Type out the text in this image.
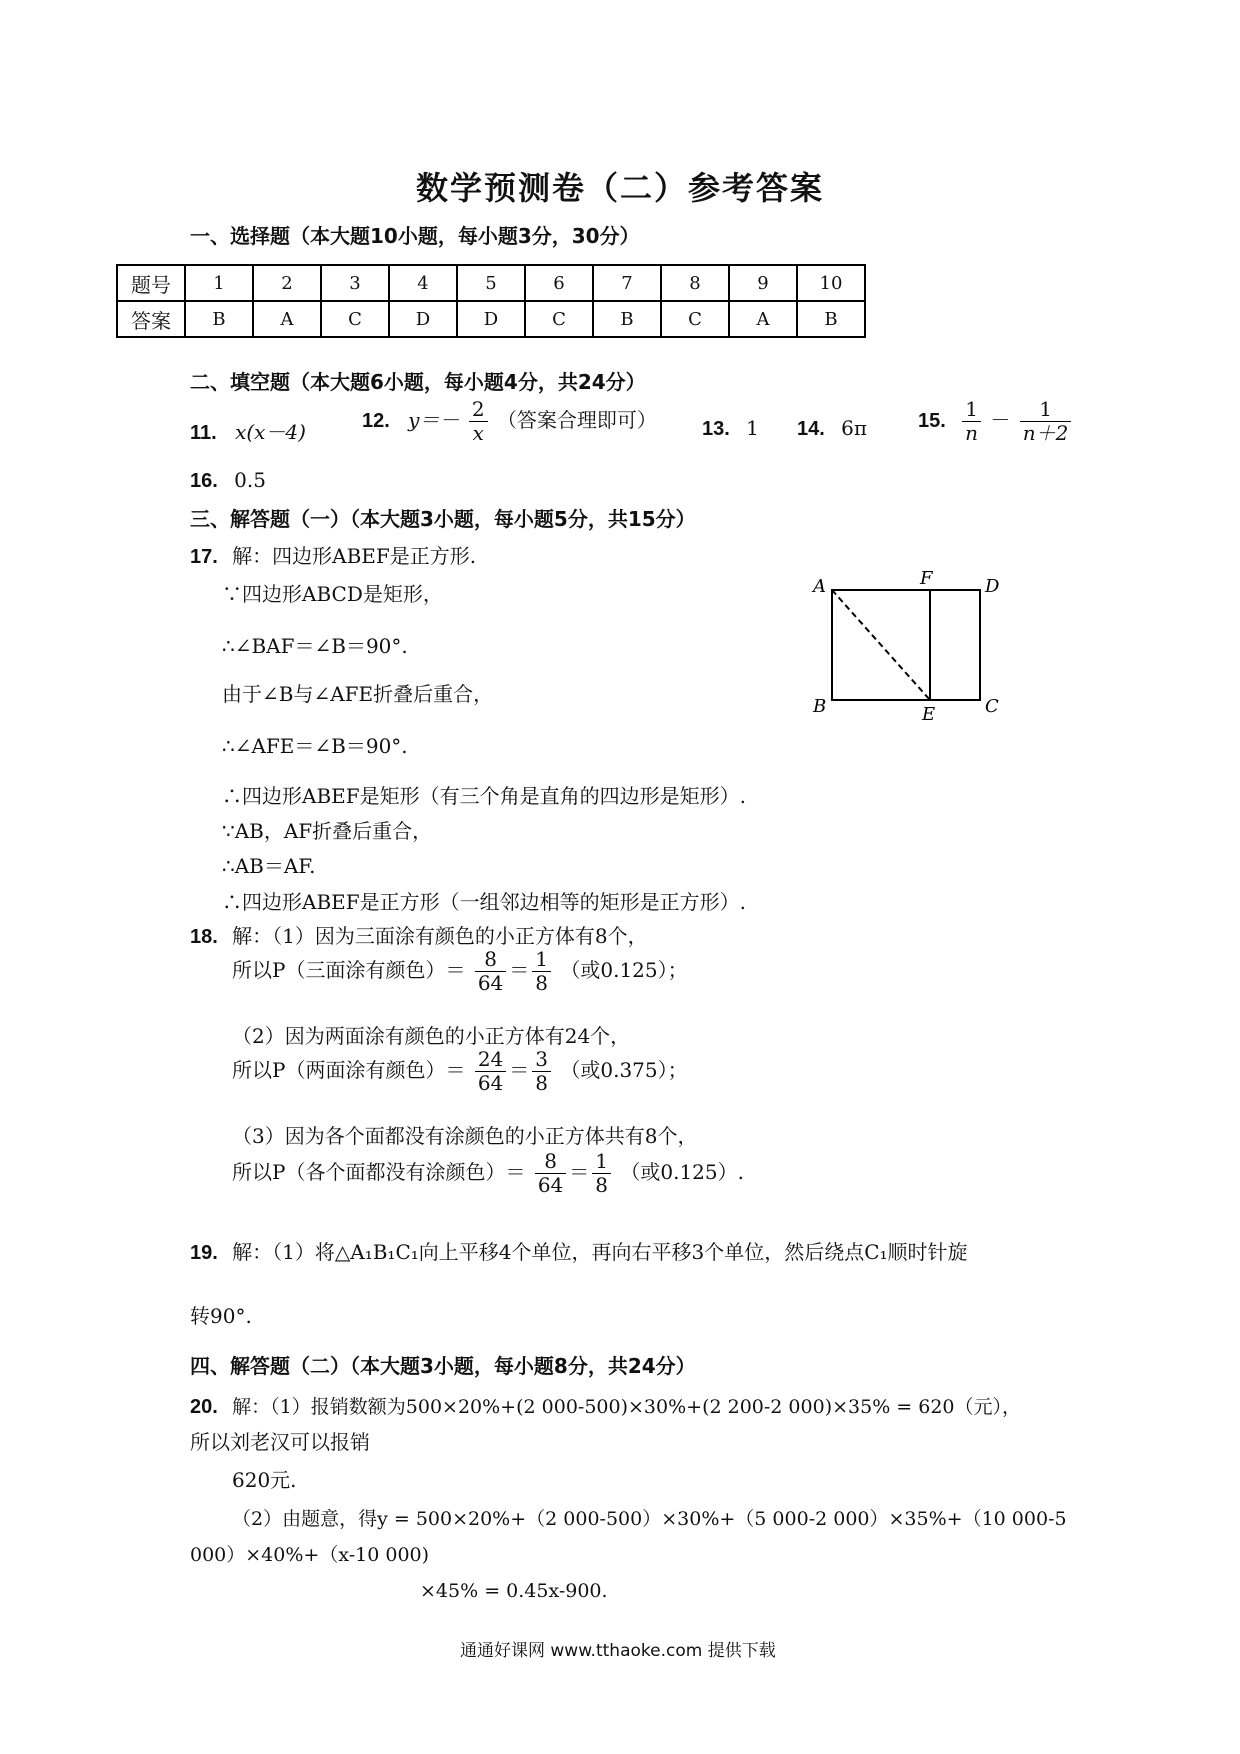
数学预测卷（二）参考答案
一、选择题（本大题10小题，每小题3分，30分）
题号	1	2	3	4	5	6	7	8	9	10
答案	B	A	C	D	D	C	B	C	A	B
二、填空题（本大题6小题，每小题4分，共24分）
11. x(x－4)	12. $y=- \frac{2}{x}$ （答案合理即可） 13. 1 14. 6π	15. $\frac{1}{n} - \frac{1}{n+2}$
16. 0.5
三、解答题（一）（本大题3小题，每小题5分，共15分）
17. 解：四边形ABEF是正方形.
∵四边形ABCD是矩形，
∴∠BAF＝∠B＝90°.
由于∠B与∠AFE折叠后重合，
∴∠AFE＝∠B＝90°.
∴四边形ABEF是矩形（有三个角是直角的四边形是矩形）.
∵AB，AF折叠后重合，
∴AB＝AF.
∴四边形ABEF是正方形（一组邻边相等的矩形是正方形）.
A	F	D
B	E	C
18. 解：（1）因为三面涂有颜色的小正方体有8个，
所以P（三面涂有颜色）＝ $\frac{8}{64} = \frac{1}{8}$ （或0.125）；
（2）因为两面涂有颜色的小正方体有24个，
所以P（两面涂有颜色）＝ $\frac{24}{64} = \frac{3}{8}$ （或0.375）；
（3）因为各个面都没有涂颜色的小正方体共有8个，
所以P（各个面都没有涂颜色）＝ $\frac{8}{64} = \frac{1}{8}$ （或0.125）.
19. 解：（1）将△A₁B₁C₁向上平移4个单位，再向右平移3个单位，然后绕点C₁顺时针旋
转90°.
四、解答题（二）（本大题3小题，每小题8分，共24分）
20. 解：（1）报销数额为500×20%+(2 000-500)×30%+(2 200-2 000)×35% = 620（元），
所以刘老汉可以报销
620元.
（2）由题意，得y = 500×20%+（2 000-500）×30%+（5 000-2 000）×35%+（10 000-5
000）×40%+（x-10 000)
×45% = 0.45x-900.
通通好课网 www.tthaoke.com 提供下载
